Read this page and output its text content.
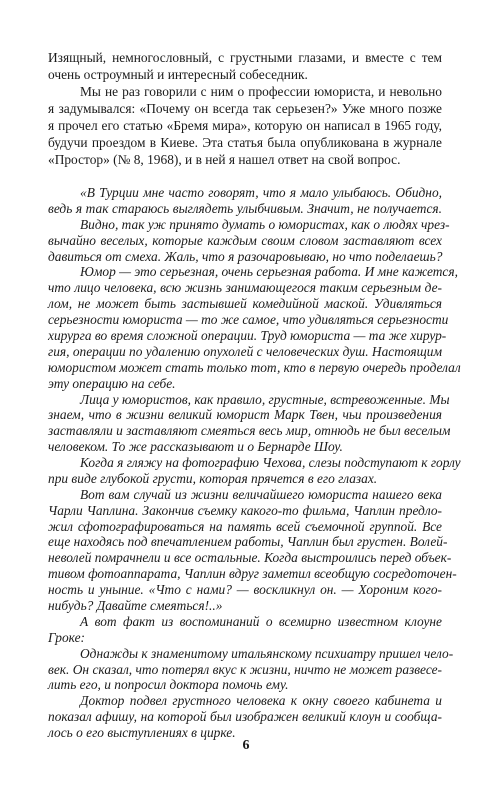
Изящный, немногословный, с грустными глазами, и вместе с тем
очень остроумный и интересный собеседник.
Мы не раз говорили с ним о профессии юмориста, и невольно
я задумывался: «Почему он всегда так серьезен?» Уже много позже
я прочел его статью «Бремя мира», которую он написал в 1965 году,
будучи проездом в Киеве. Эта статья была опубликована в журнале
«Простор» (№ 8, 1968), и в ней я нашел ответ на свой вопрос.
«В Турции мне часто говорят, что я мало улыбаюсь. Обидно,
ведь я так стараюсь выглядеть улыбчивым. Значит, не получается.
Видно, так уж принято думать о юмористах, как о людях чрез-
вычайно веселых, которые каждым своим словом заставляют всех
давиться от смеха. Жаль, что я разочаровываю, но что поделаешь?
Юмор — это серьезная, очень серьезная работа. И мне кажется,
что лицо человека, всю жизнь занимающегося таким серьезным де-
лом, не может быть застывшей комедийной маской. Удивляться
серьезности юмориста — то же самое, что удивляться серьезности
хирурга во время сложной операции. Труд юмориста — та же хирур-
гия, операции по удалению опухолей с человеческих душ. Настоящим
юмористом может стать только тот, кто в первую очередь проделал
эту операцию на себе.
Лица у юмористов, как правило, грустные, встревоженные. Мы
знаем, что в жизни великий юморист Марк Твен, чьи произведения
заставляли и заставляют смеяться весь мир, отнюдь не был веселым
человеком. То же рассказывают и о Бернарде Шоу.
Когда я гляжу на фотографию Чехова, слезы подступают к горлу
при виде глубокой грусти, которая прячется в его глазах.
Вот вам случай из жизни величайшего юмориста нашего века
Чарли Чаплина. Закончив съемку какого-то фильма, Чаплин предло-
жил сфотографироваться на память всей съемочной группой. Все
еще находясь под впечатлением работы, Чаплин был грустен. Волей-
неволей помрачнели и все остальные. Когда выстроились перед объек-
тивом фотоаппарата, Чаплин вдруг заметил всеобщую сосредоточен-
ность и уныние. «Что с нами? — воскликнул он. — Хороним кого-
нибудь? Давайте смеяться!..»
А вот факт из воспоминаний о всемирно известном клоуне
Гроке:
Однажды к знаменитому итальянскому психиатру пришел чело-
век. Он сказал, что потерял вкус к жизни, ничто не может развесе-
лить его, и попросил доктора помочь ему.
Доктор подвел грустного человека к окну своего кабинета и
показал афишу, на которой был изображен великий клоун и сообща-
лось о его выступлениях в цирке.
6
